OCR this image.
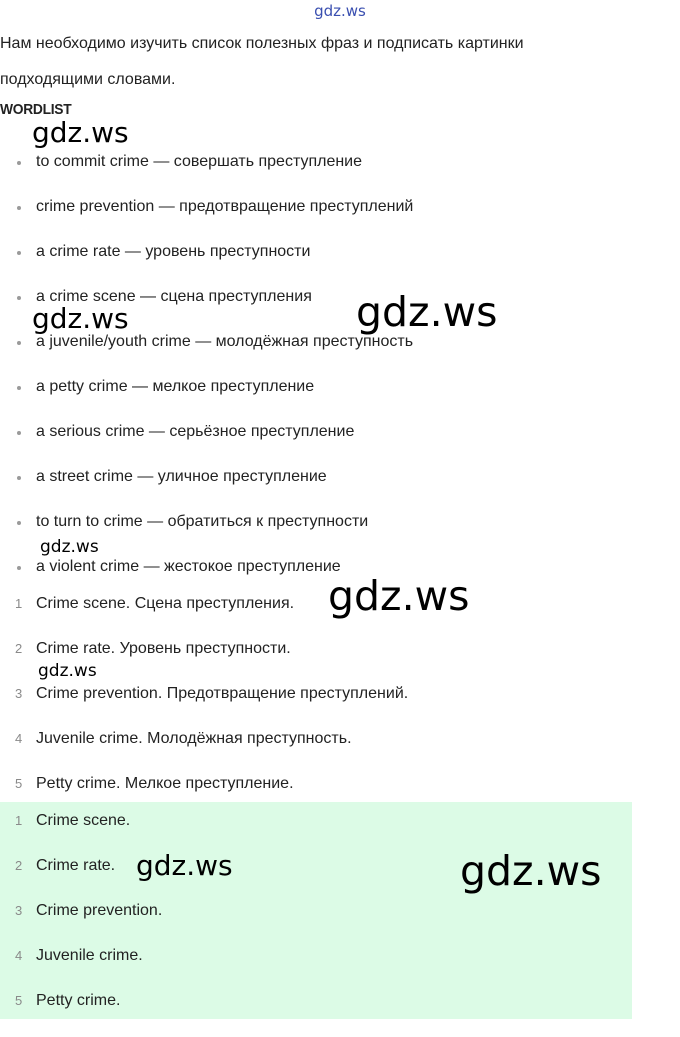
gdz.ws

Нам необходимо изучить список полезных фраз и подписать картинки

подходящими словами.

WORDLIST
to commit crime — совершать преступление
crime prevention — предотвращение преступлений
a crime rate — уровень преступности
a crime scene — сцена преступления
a juvenile/youth crime — молодёжная преступность
a petty crime — мелкое преступление
a serious crime — серьёзное преступление
a street crime — уличное преступление
to turn to crime — обратиться к преступности
a violent crime — жестокое преступление
1 Crime scene. Сцена преступления.
2 Crime rate. Уровень преступности.
3 Crime prevention. Предотвращение преступлений.
4 Juvenile crime. Молодёжная преступность.
5 Petty crime. Мелкое преступление.
1 Crime scene.
2 Crime rate.
3 Crime prevention.
4 Juvenile crime.
5 Petty crime.
gdz.ws
gdz.ws	gdz.ws
gdz.ws
gdz.ws
gdz.ws
gdz.ws	gdz.ws
